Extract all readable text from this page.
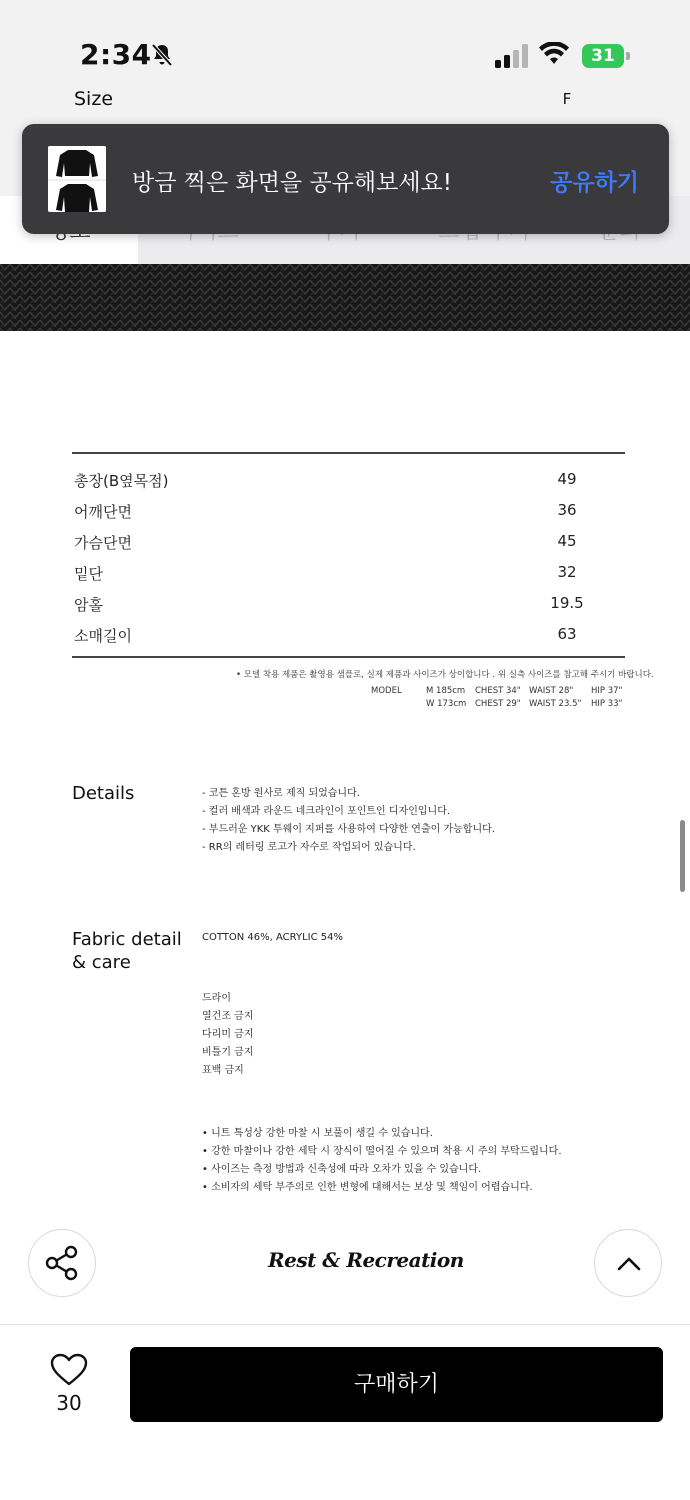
2:34	31
방금 찍은 화면을 공유해보세요!	공유하기
Size	F
총장(B옆목점)	49
어깨단면	36
가슴단면	45
밑단	32
암홀	19.5
소매길이	63
• 모델 착용 제품은 촬영용 샘플로, 실제 제품과 사이즈가 상이합니다 . 위 실측 사이즈를 참고해 주시기 바랍니다.
MODEL	M 185cm CHEST 34" WAIST 28" HIP 37"
W 173cm CHEST 29" WAIST 23.5" HIP 33"
Details	- 코튼 혼방 원사로 제직 되었습니다.
- 컬러 배색과 라운드 네크라인이 포인트인 디자인입니다.
- 부드러운 YKK 투웨이 지퍼를 사용하여 다양한 연출이 가능합니다.
- RR의 레터링 로고가 자수로 작업되어 있습니다.
Fabric detail
& care
COTTON 46%, ACRYLIC 54%
드라이
열건조 금지
다리미 금지
비틀기 금지
표백 금지
• 니트 특성상 강한 마찰 시 보풀이 생길 수 있습니다.
• 강한 마찰이나 강한 세탁 시 장식이 떨어질 수 있으며 착용 시 주의 부탁드립니다.
• 사이즈는 측정 방법과 신축성에 따라 오차가 있을 수 있습니다.
• 소비자의 세탁 부주의로 인한 변형에 대해서는 보상 및 책임이 어렵습니다.
Rest & Recreation
30
구매하기
